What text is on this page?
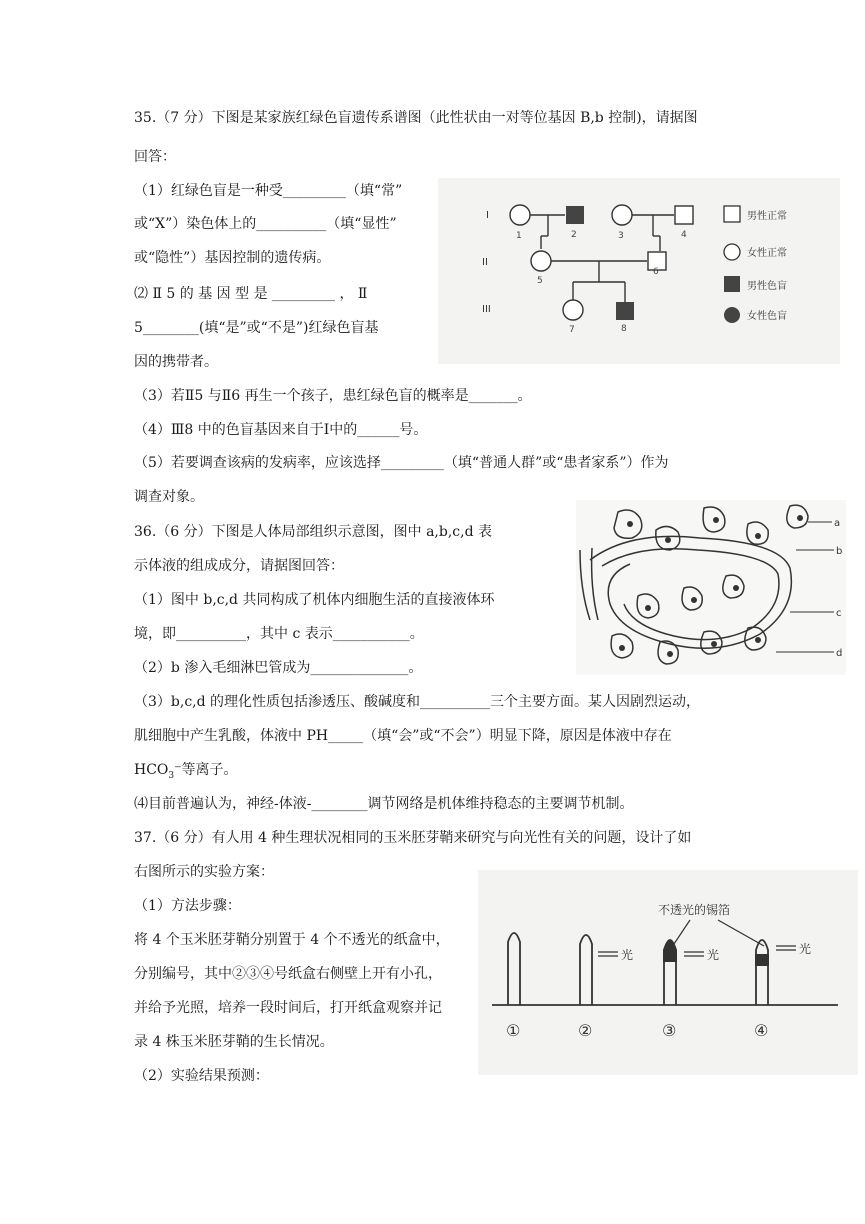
35.（7 分）下图是某家族红绿色盲遗传系谱图（此性状由一对等位基因 B,b 控制)，请据图
回答：
（1）红绿色盲是一种受_________（填“常”
或“X”）染色体上的__________（填“显性”
或“隐性”）基因控制的遗传病。
⑵ Ⅱ 5 的 基 因 型 是 _________ ， Ⅱ
5________(填“是”或“不是”)红绿色盲基
因的携带者。
（3）若Ⅱ5 与Ⅱ6 再生一个孩子，患红绿色盲的概率是_______。
（4）Ⅲ8 中的色盲基因来自于Ⅰ中的______号。
（5）若要调查该病的发病率，应该选择_________（填“普通人群”或“患者家系”）作为
调查对象。
I
II
III
1	2	3	4
5
6
7	8
男性正常
女性正常
男性色盲
女性色盲
36.（6 分）下图是人体局部组织示意图，图中 a,b,c,d 表
示体液的组成成分，请据图回答：
（1）图中 b,c,d 共同构成了机体内细胞生活的直接液体环
境，即__________，其中 c 表示___________。
（2）b 渗入毛细淋巴管成为______________。
（3）b,c,d 的理化性质包括渗透压、酸碱度和__________三个主要方面。某人因剧烈运动，
肌细胞中产生乳酸，体液中 PH_____（填“会”或“不会”）明显下降，原因是体液中存在
$HCO_3^-$等离子。
⑷目前普遍认为，神经-体液-________调节网络是机体维持稳态的主要调节机制。
a
b
c
d
37.（6 分）有人用 4 种生理状况相同的玉米胚芽鞘来研究与向光性有关的问题，设计了如
右图所示的实验方案：
（1）方法步骤：
将 4 个玉米胚芽鞘分别置于 4 个不透光的纸盒中，
分别编号，其中②③④号纸盒右侧壁上开有小孔，
并给予光照，培养一段时间后，打开纸盒观察并记
录 4 株玉米胚芽鞘的生长情况。
（2）实验结果预测：
不透光的锡箔
光	光	光
①	②	③	④
